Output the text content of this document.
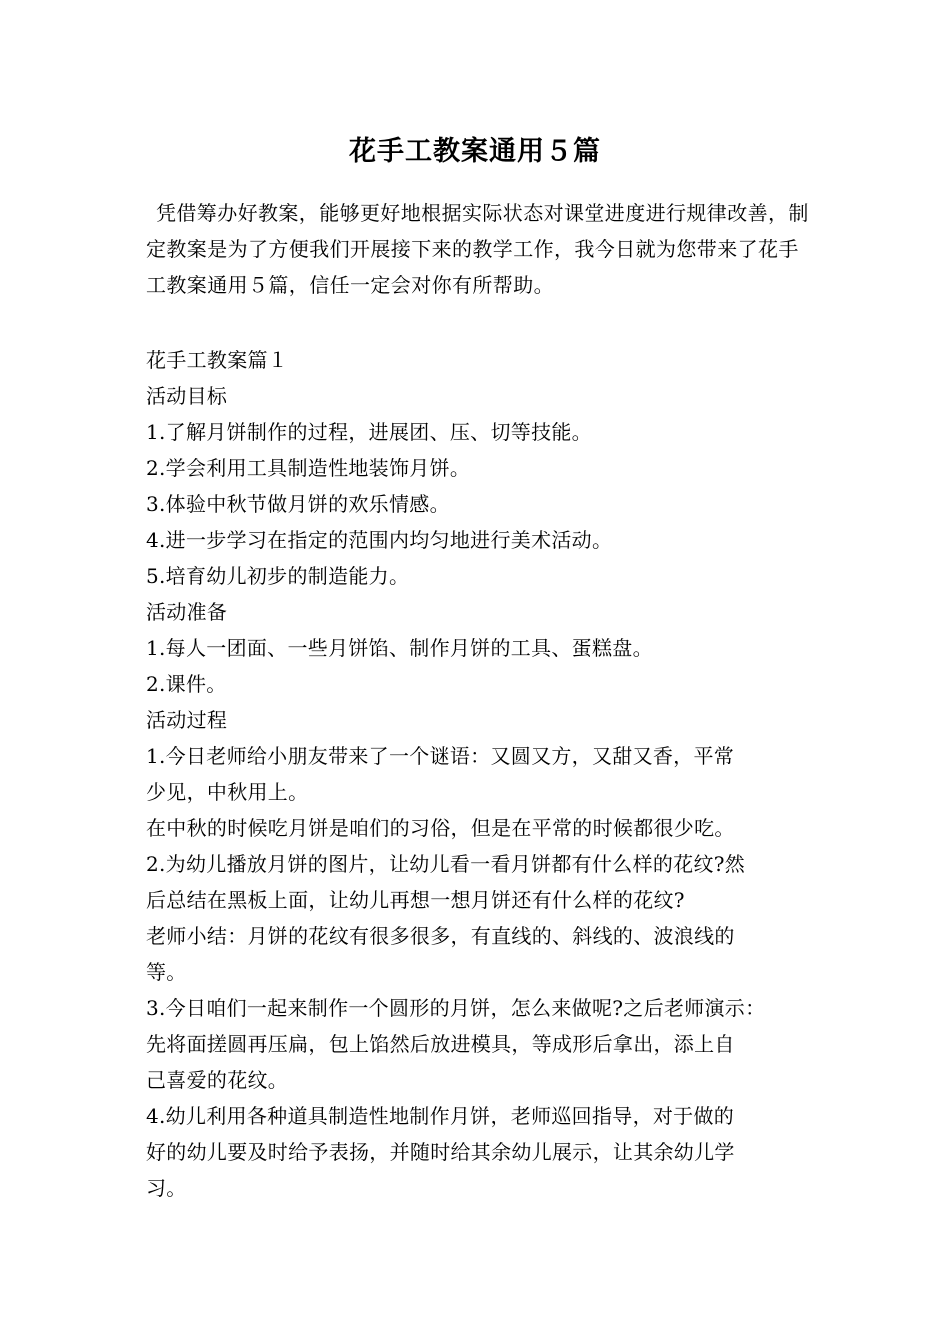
花手工教案通用５篇

凭借筹办好教案，能够更好地根据实际状态对课堂进度进行规律改善，制定教案是为了方便我们开展接下来的教学工作，我今日就为您带来了花手工教案通用５篇，信任一定会对你有所帮助。

花手工教案篇１
活动目标
1.了解月饼制作的过程，进展团、压、切等技能。
2.学会利用工具制造性地装饰月饼。
3.体验中秋节做月饼的欢乐情感。
4.进一步学习在指定的范围内均匀地进行美术活动。
5.培育幼儿初步的制造能力。
活动准备
1.每人一团面、一些月饼馅、制作月饼的工具、蛋糕盘。
2.课件。
活动过程
1.今日老师给小朋友带来了一个谜语：又圆又方，又甜又香，平常
少见，中秋用上。
在中秋的时候吃月饼是咱们的习俗，但是在平常的时候都很少吃。
2.为幼儿播放月饼的图片，让幼儿看一看月饼都有什么样的花纹?然
后总结在黑板上面，让幼儿再想一想月饼还有什么样的花纹?
老师小结：月饼的花纹有很多很多，有直线的、斜线的、波浪线的
等。
3.今日咱们一起来制作一个圆形的月饼，怎么来做呢?之后老师演示：
先将面搓圆再压扁，包上馅然后放进模具，等成形后拿出，添上自
己喜爱的花纹。
4.幼儿利用各种道具制造性地制作月饼，老师巡回指导，对于做的
好的幼儿要及时给予表扬，并随时给其余幼儿展示，让其余幼儿学
习。
